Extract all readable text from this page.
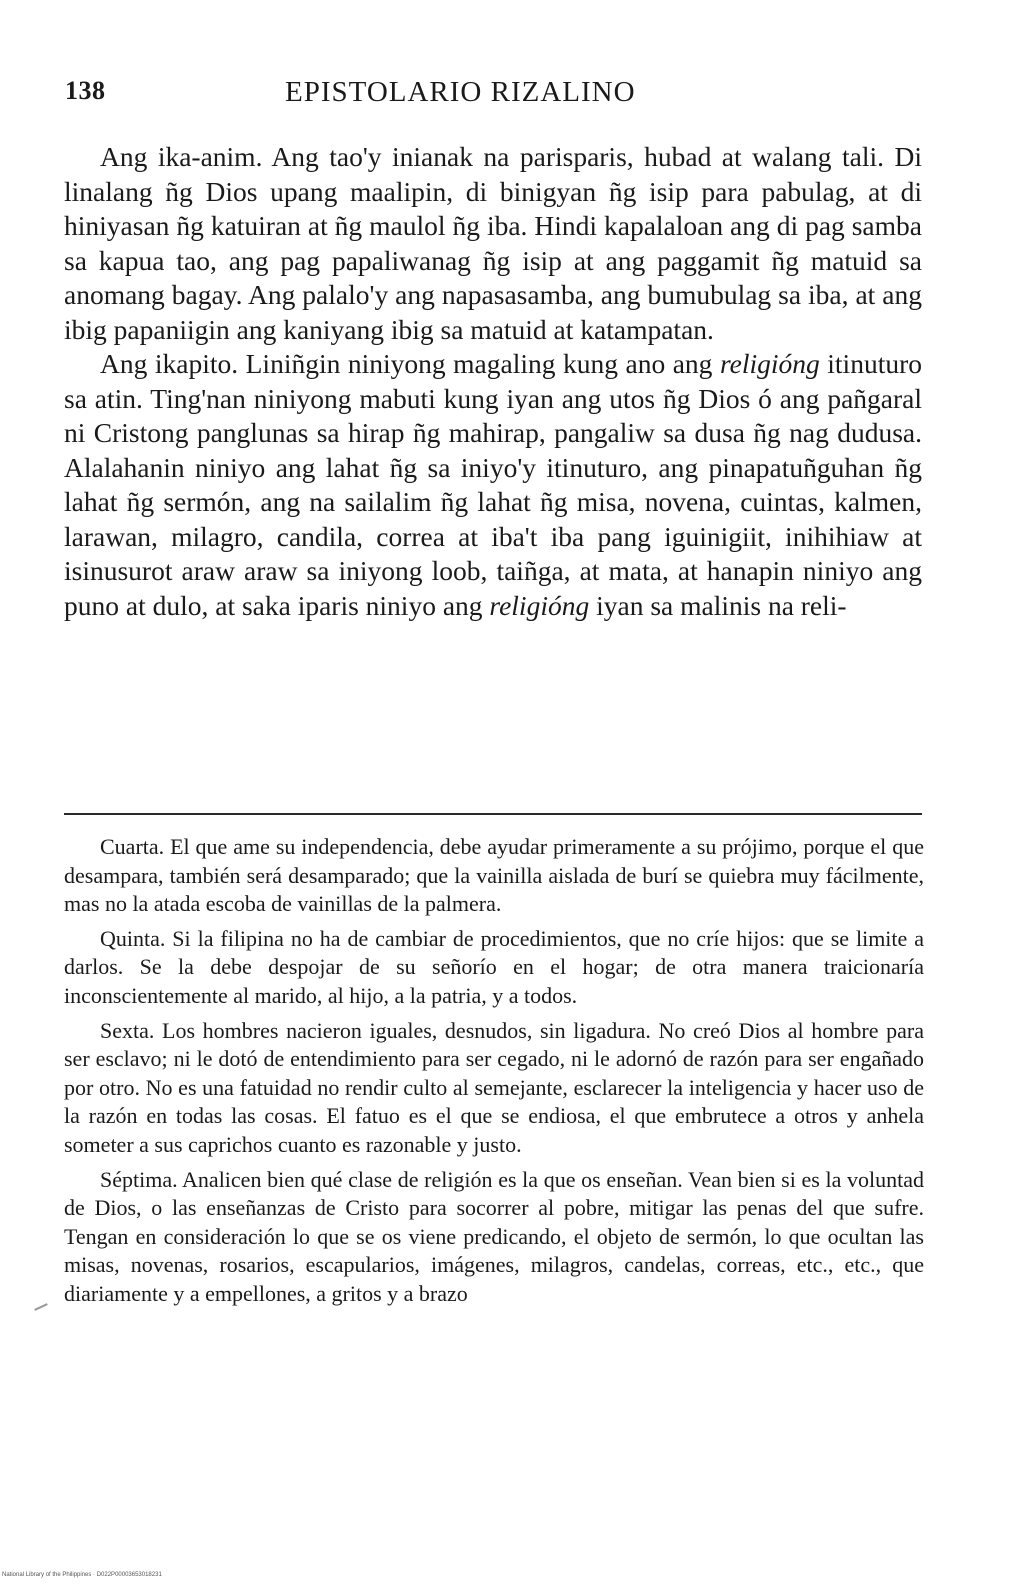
138	EPISTOLARIO RIZALINO

Ang ika-anim. Ang tao'y inianak na parisparis, hubad at walang tali. Di linalang ñg Dios upang maalipin, di binigyan ñg isip para pabulag, at di hiniyasan ñg katuiran at ñg maulol ñg iba. Hindi kapalaloan ang di pag samba sa kapua tao, ang pag papaliwanag ñg isip at ang paggamit ñg matuid sa anomang bagay. Ang palalo'y ang napasasamba, ang bumubulag sa iba, at ang ibig papaniigin ang kaniyang ibig sa matuid at katampatan.

Ang ikapito. Liniñgin niniyong magaling kung ano ang religióng itinuturo sa atin. Ting'nan niniyong mabuti kung iyan ang utos ñg Dios ó ang pañgaral ni Cristong panglunas sa hirap ñg mahirap, pangaliw sa dusa ñg nag dudusa. Alalahanin niniyo ang lahat ñg sa iniyo'y itinuturo, ang pinapatuñguhan ñg lahat ñg sermón, ang na sailalim ñg lahat ñg misa, novena, cuintas, kalmen, larawan, milagro, candila, correa at iba't iba pang iguinigiit, inihihiaw at isinusurot araw araw sa iniyong loob, taiñga, at mata, at hanapin niniyo ang puno at dulo, at saka iparis niniyo ang religióng iyan sa malinis na reli-

Cuarta. El que ame su independencia, debe ayudar primeramente a su prójimo, porque el que desampara, también será desamparado; que la vainilla aislada de burí se quiebra muy fácilmente, mas no la atada escoba de vainillas de la palmera.

Quinta. Si la filipina no ha de cambiar de procedimientos, que no críe hijos: que se limite a darlos. Se la debe despojar de su señorío en el hogar; de otra manera traicionaría inconscientemente al marido, al hijo, a la patria, y a todos.

Sexta. Los hombres nacieron iguales, desnudos, sin ligadura. No creó Dios al hombre para ser esclavo; ni le dotó de entendimiento para ser cegado, ni le adornó de razón para ser engañado por otro. No es una fatuidad no rendir culto al semejante, esclarecer la inteligencia y hacer uso de la razón en todas las cosas. El fatuo es el que se endiosa, el que embrutece a otros y anhela someter a sus caprichos cuanto es razonable y justo.

Séptima. Analicen bien qué clase de religión es la que os enseñan. Vean bien si es la voluntad de Dios, o las enseñanzas de Cristo para socorrer al pobre, mitigar las penas del que sufre. Tengan en consideración lo que se os viene predicando, el objeto de sermón, lo que ocultan las misas, novenas, rosarios, escapularios, imágenes, milagros, candelas, correas, etc., etc., que diariamente y a empellones, a gritos y a brazo

National Library of the Philippines · D022P00003653018231
